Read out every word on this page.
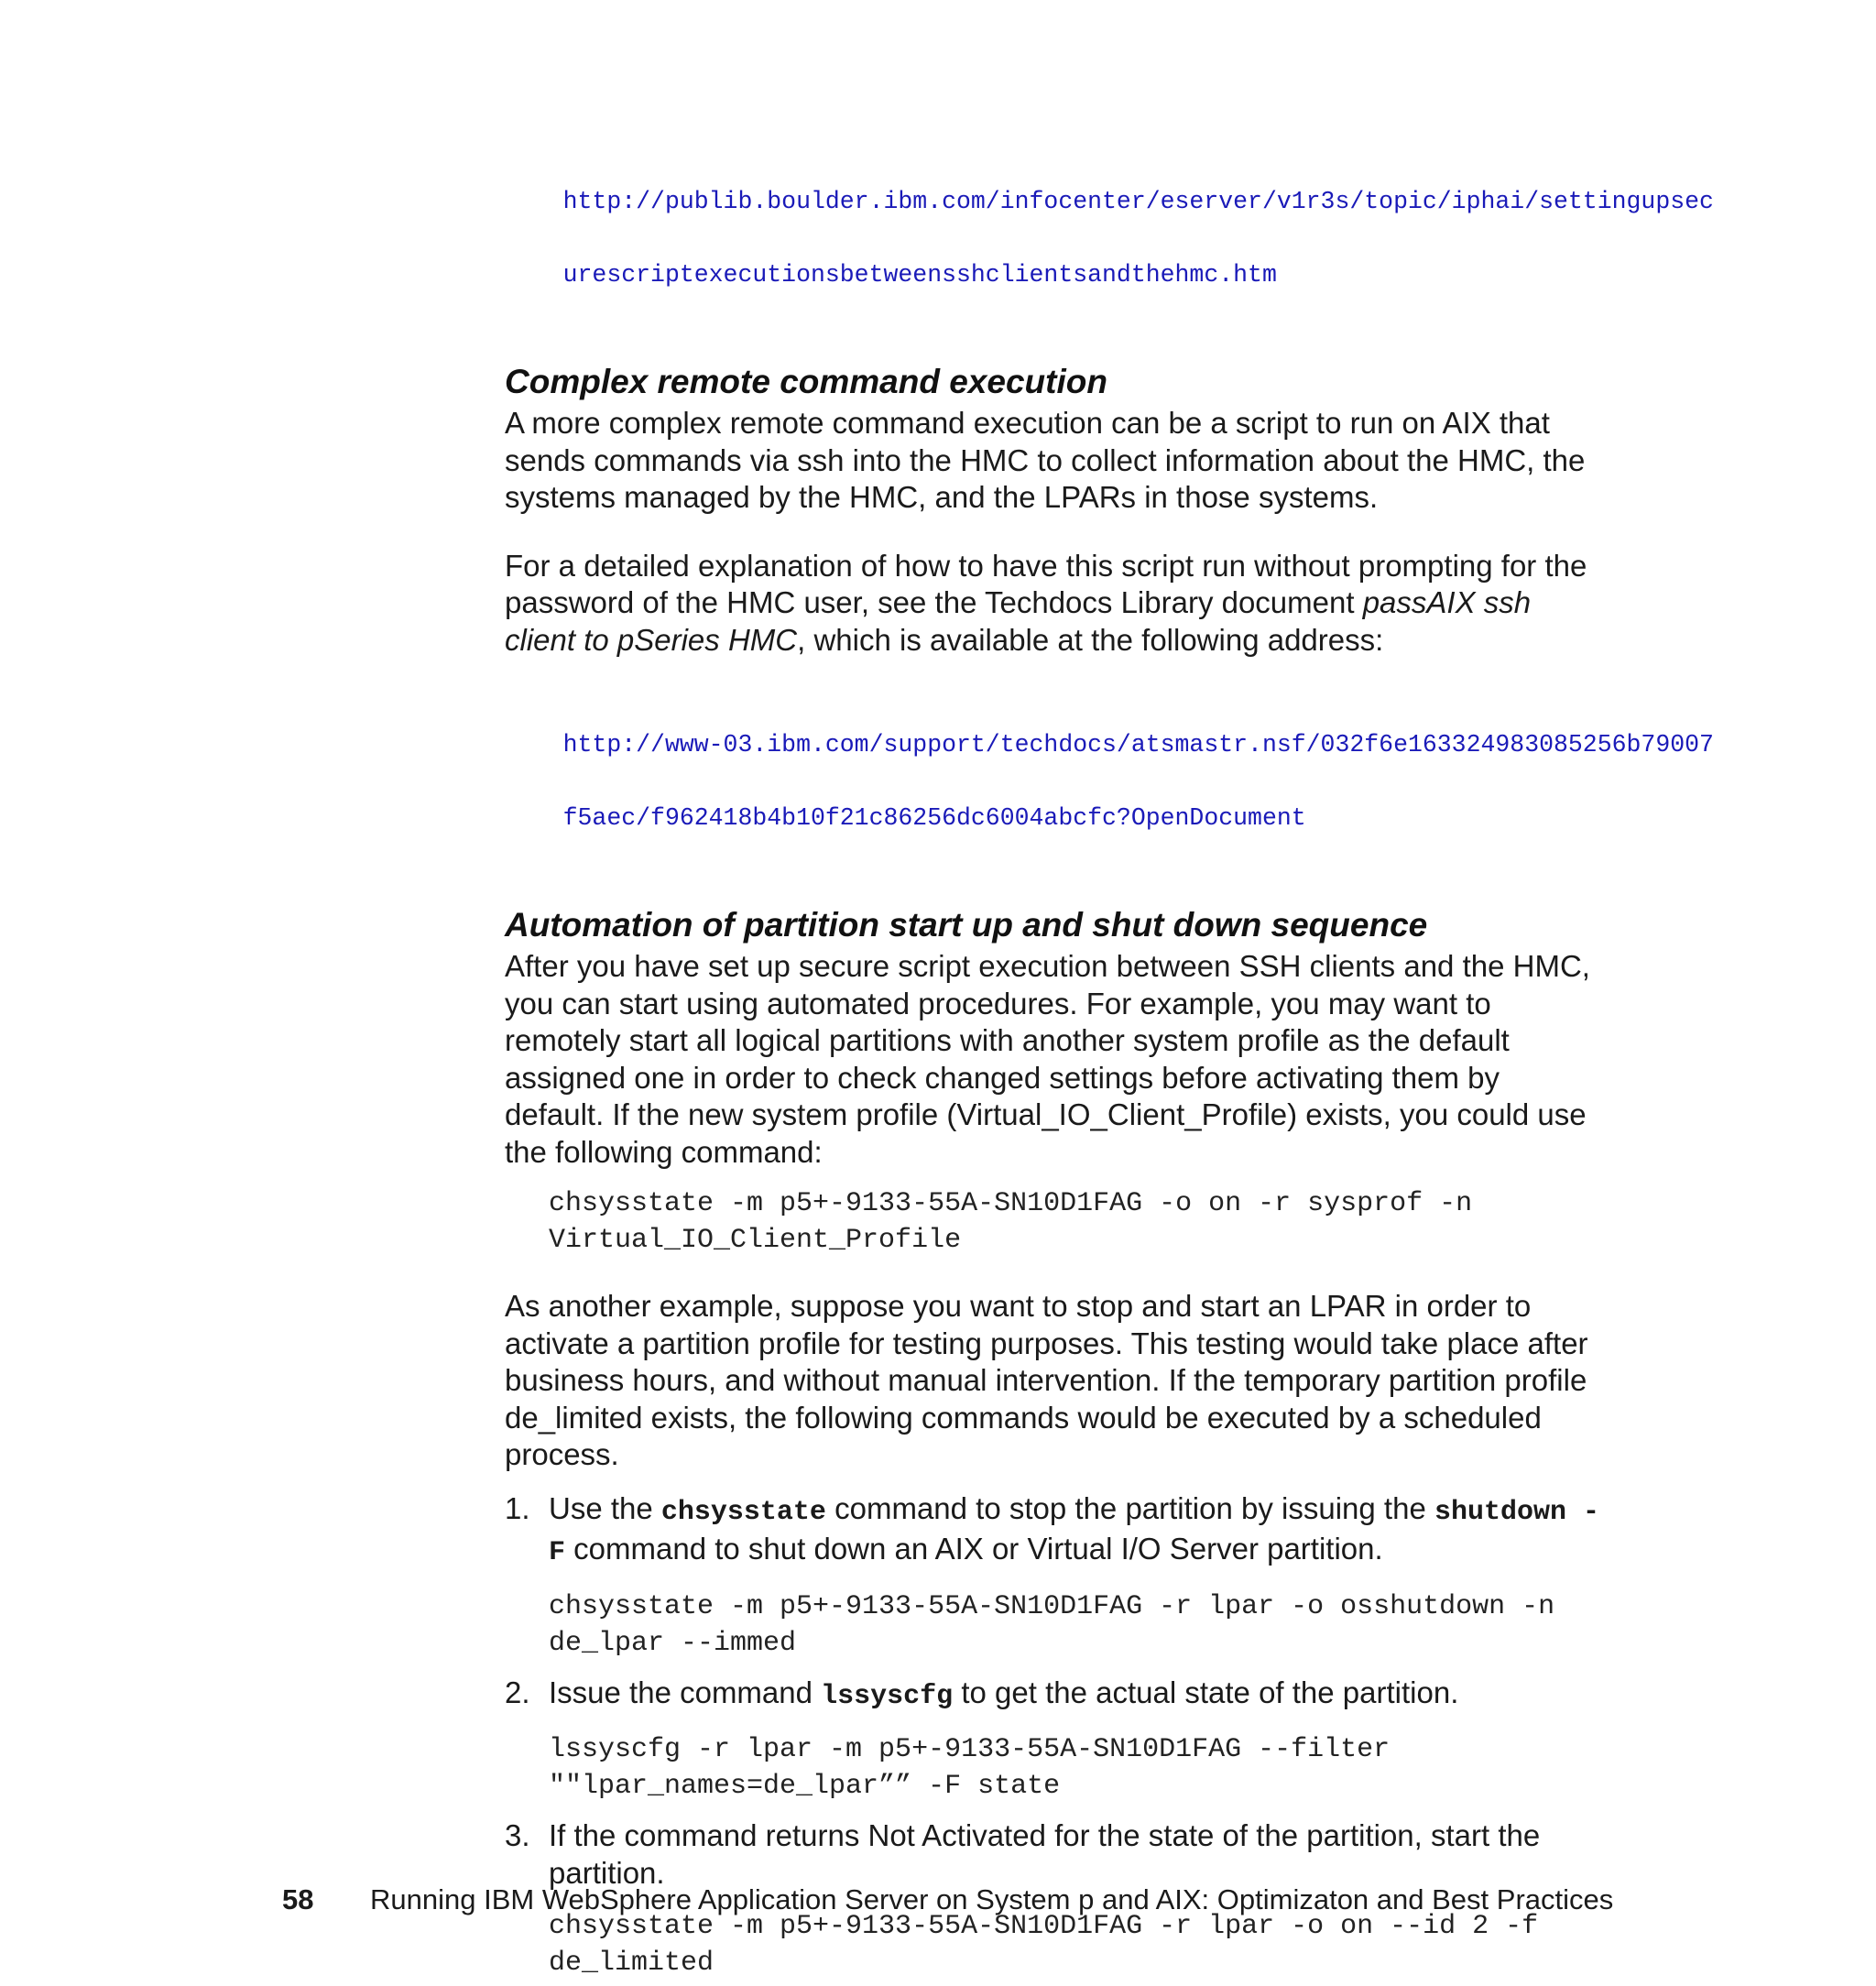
http://publib.boulder.ibm.com/infocenter/eserver/v1r3s/topic/iphai/settingupsec

urescriptexecutionsbetweensshclientsandthehmc.htm

Complex remote command execution

A more complex remote command execution can be a script to run on AIX that sends commands via ssh into the HMC to collect information about the HMC, the systems managed by the HMC, and the LPARs in those systems.

For a detailed explanation of how to have this script run without prompting for the password of the HMC user, see the Techdocs Library document passAIX ssh client to pSeries HMC, which is available at the following address:

http://www-03.ibm.com/support/techdocs/atsmastr.nsf/032f6e163324983085256b79007

f5aec/f962418b4b10f21c86256dc6004abcfc?OpenDocument

Automation of partition start up and shut down sequence

After you have set up secure script execution between SSH clients and the HMC, you can start using automated procedures. For example, you may want to remotely start all logical partitions with another system profile as the default assigned one in order to check changed settings before activating them by default. If the new system profile (Virtual_IO_Client_Profile) exists, you could use the following command:

chsysstate -m p5+-9133-55A-SN10D1FAG -o on -r sysprof -n
Virtual_IO_Client_Profile

As another example, suppose you want to stop and start an LPAR in order to activate a partition profile for testing purposes. This testing would take place after business hours, and without manual intervention. If the temporary partition profile de_limited exists, the following commands would be executed by a scheduled process.

1. Use the chsysstate command to stop the partition by issuing the shutdown -F command to shut down an AIX or Virtual I/O Server partition.

chsysstate -m p5+-9133-55A-SN10D1FAG -r lpar -o osshutdown -n
de_lpar --immed
2. Issue the command lssyscfg to get the actual state of the partition.

lssyscfg -r lpar -m p5+-9133-55A-SN10D1FAG --filter
""lpar_names=de_lpar”” -F state
3. If the command returns Not Activated for the state of the partition, start the partition.

chsysstate -m p5+-9133-55A-SN10D1FAG -r lpar -o on --id 2 -f
de_limited
58 Running IBM WebSphere Application Server on System p and AIX: Optimizaton and Best Practices
